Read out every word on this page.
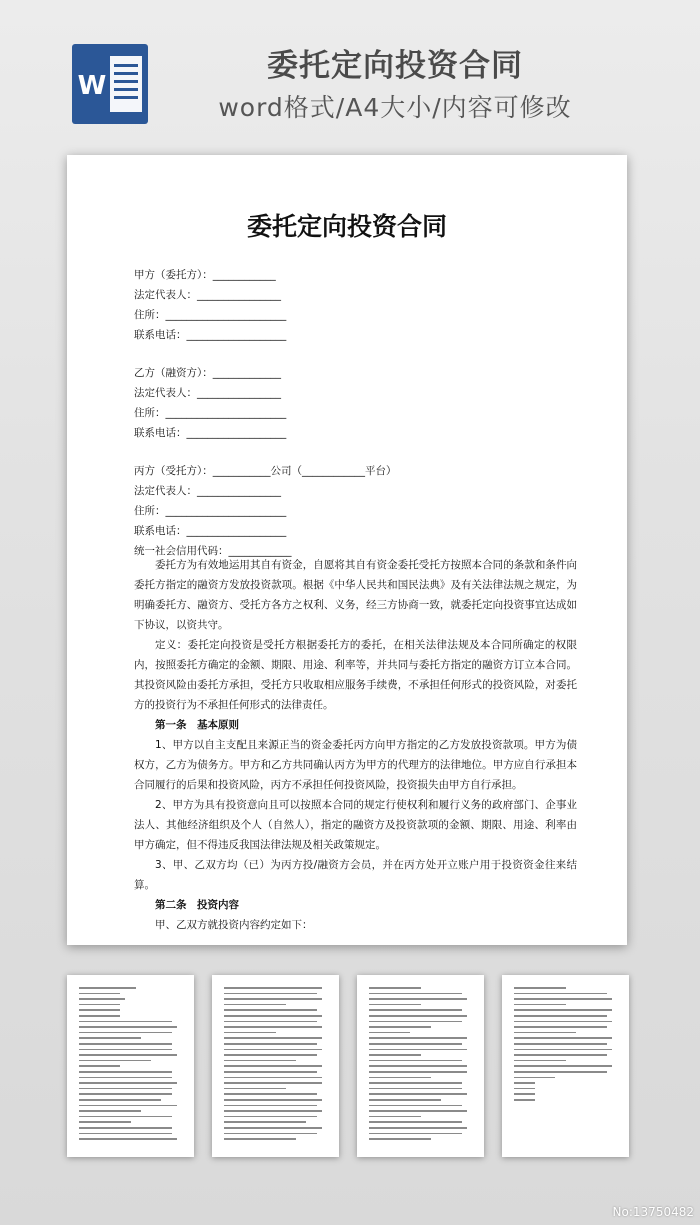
W
委托定向投资合同
word格式/A4大小/内容可修改
委托定向投资合同
甲方（委托方）：____________
法定代表人：________________
住所：_______________________
联系电话：___________________
乙方（融资方）：_____________
法定代表人：________________
住所：_______________________
联系电话：___________________
丙方（受托方）：___________公司（____________平台）
法定代表人：________________
住所：_______________________
联系电话：___________________
统一社会信用代码：____________

委托方为有效地运用其自有资金，自愿将其自有资金委托受托方按照本合同的条款和条件向委托方指定的融资方发放投资款项。根据《中华人民共和国民法典》及有关法律法规之规定，为明确委托方、融资方、受托方各方之权利、义务，经三方协商一致，就委托定向投资事宜达成如下协议，以资共守。

定义：委托定向投资是受托方根据委托方的委托，在相关法律法规及本合同所确定的权限内，按照委托方确定的金额、期限、用途、利率等，并共同与委托方指定的融资方订立本合同。其投资风险由委托方承担，受托方只收取相应服务手续费，不承担任何形式的投资风险，对委托方的投资行为不承担任何形式的法律责任。

第一条　基本原则

1、甲方以自主支配且来源正当的资金委托丙方向甲方指定的乙方发放投资款项。甲方为债权方，乙方为债务方。甲方和乙方共同确认丙方为甲方的代理方的法律地位。甲方应自行承担本合同履行的后果和投资风险，丙方不承担任何投资风险，投资损失由甲方自行承担。

2、甲方为具有投资意向且可以按照本合同的规定行使权利和履行义务的政府部门、企事业法人、其他经济组织及个人（自然人），指定的融资方及投资款项的金额、期限、用途、利率由甲方确定，但不得违反我国法律法规及相关政策规定。

3、甲、乙双方均（已）为丙方投/融资方会员，并在丙方处开立账户用于投资资金往来结算。

第二条　投资内容

甲、乙双方就投资内容约定如下：

No:13750482
